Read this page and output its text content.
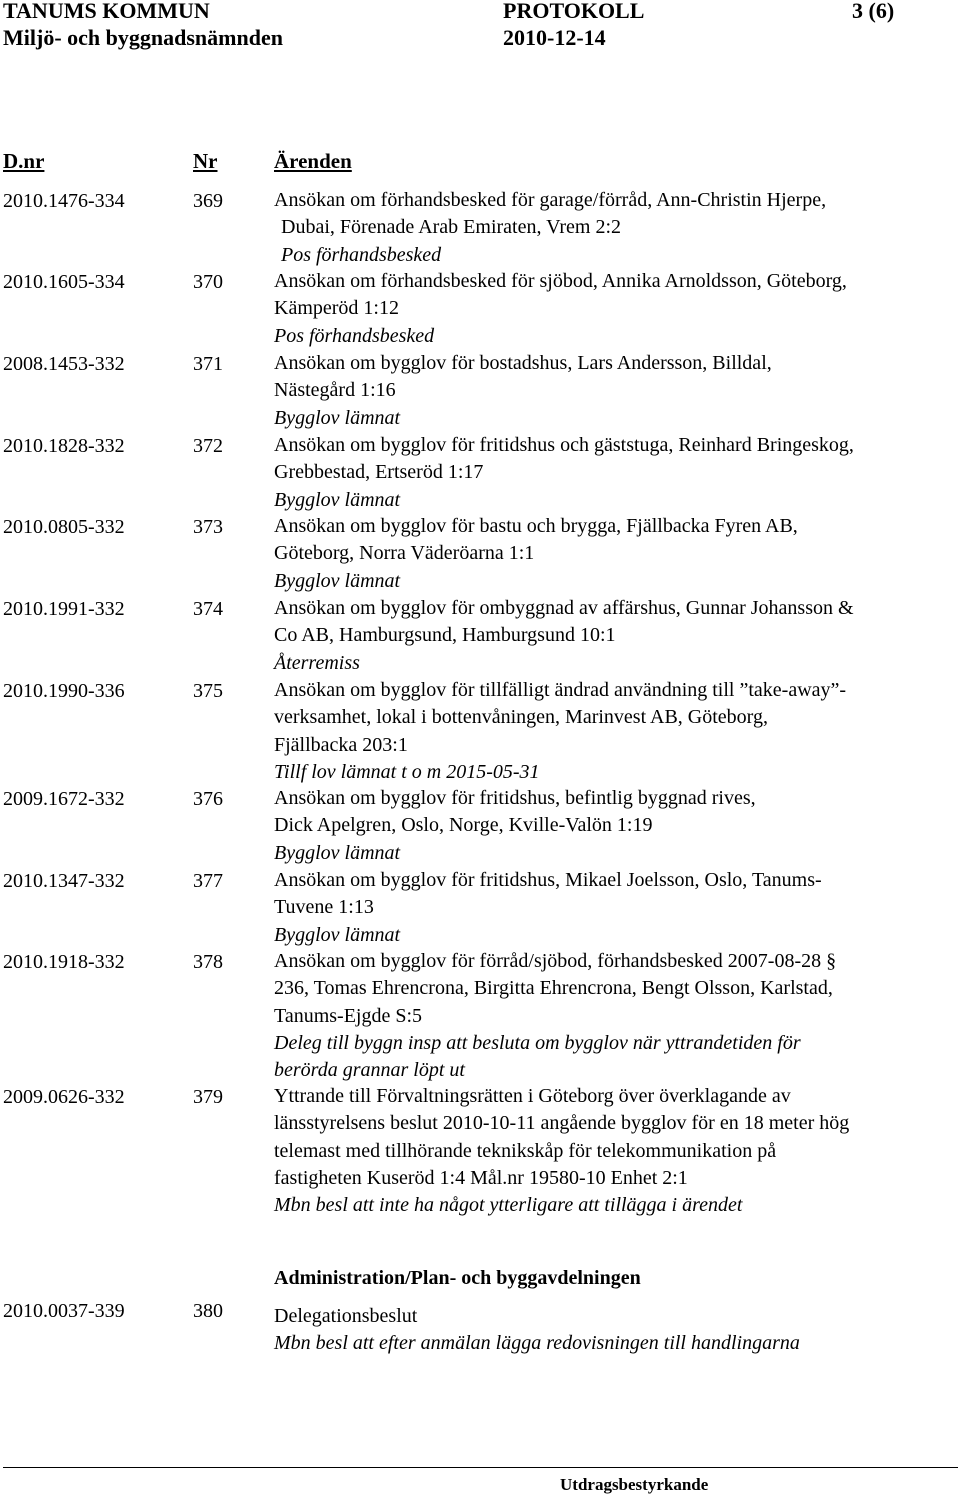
TANUMS KOMMUN	PROTOKOLL	3 (6)
Miljö- och byggnadsnämnden	2010-12-14
D.nr	Nr	Ärenden
2010.1476-334	369	Ansökan om förhandsbesked för garage/förråd, Ann-Christin Hjerpe,
Dubai, Förenade Arab Emiraten, Vrem 2:2
Pos förhandsbesked
2010.1605-334	370	Ansökan om förhandsbesked för sjöbod, Annika Arnoldsson, Göteborg,
Kämperöd 1:12
Pos förhandsbesked
2008.1453-332	371	Ansökan om bygglov för bostadshus, Lars Andersson, Billdal,
Nästegård 1:16
Bygglov lämnat
2010.1828-332	372	Ansökan om bygglov för fritidshus och gäststuga, Reinhard Bringeskog,
Grebbestad, Ertseröd 1:17
Bygglov lämnat
2010.0805-332	373	Ansökan om bygglov för bastu och brygga, Fjällbacka Fyren AB,
Göteborg, Norra Väderöarna 1:1
Bygglov lämnat
2010.1991-332	374	Ansökan om bygglov för ombyggnad av affärshus, Gunnar Johansson &
Co AB, Hamburgsund, Hamburgsund 10:1
Återremiss
2010.1990-336	375	Ansökan om bygglov för tillfälligt ändrad användning till ”take-away”-
verksamhet, lokal i bottenvåningen, Marinvest AB, Göteborg,
Fjällbacka 203:1
Tillf lov lämnat t o m 2015-05-31
2009.1672-332	376	Ansökan om bygglov för fritidshus, befintlig byggnad rives,
Dick Apelgren, Oslo, Norge, Kville-Valön 1:19
Bygglov lämnat
2010.1347-332	377	Ansökan om bygglov för fritidshus, Mikael Joelsson, Oslo, Tanums-
Tuvene 1:13
Bygglov lämnat
2010.1918-332	378	Ansökan om bygglov för förråd/sjöbod, förhandsbesked 2007-08-28 §
236, Tomas Ehrencrona, Birgitta Ehrencrona, Bengt Olsson, Karlstad,
Tanums-Ejgde S:5
Deleg till byggn insp att besluta om bygglov när yttrandetiden för
berörda grannar löpt ut
2009.0626-332	379	Yttrande till Förvaltningsrätten i Göteborg över överklagande av
länsstyrelsens beslut 2010-10-11 angående bygglov för en 18 meter hög
telemast med tillhörande teknikskåp för telekommunikation på
fastigheten Kuseröd 1:4 Mål.nr 19580-10 Enhet 2:1
Mbn besl att inte ha något ytterligare att tillägga i ärendet
Administration/Plan- och byggavdelningen
2010.0037-339	380	Delegationsbeslut
Mbn besl att efter anmälan lägga redovisningen till handlingarna
Utdragsbestyrkande
